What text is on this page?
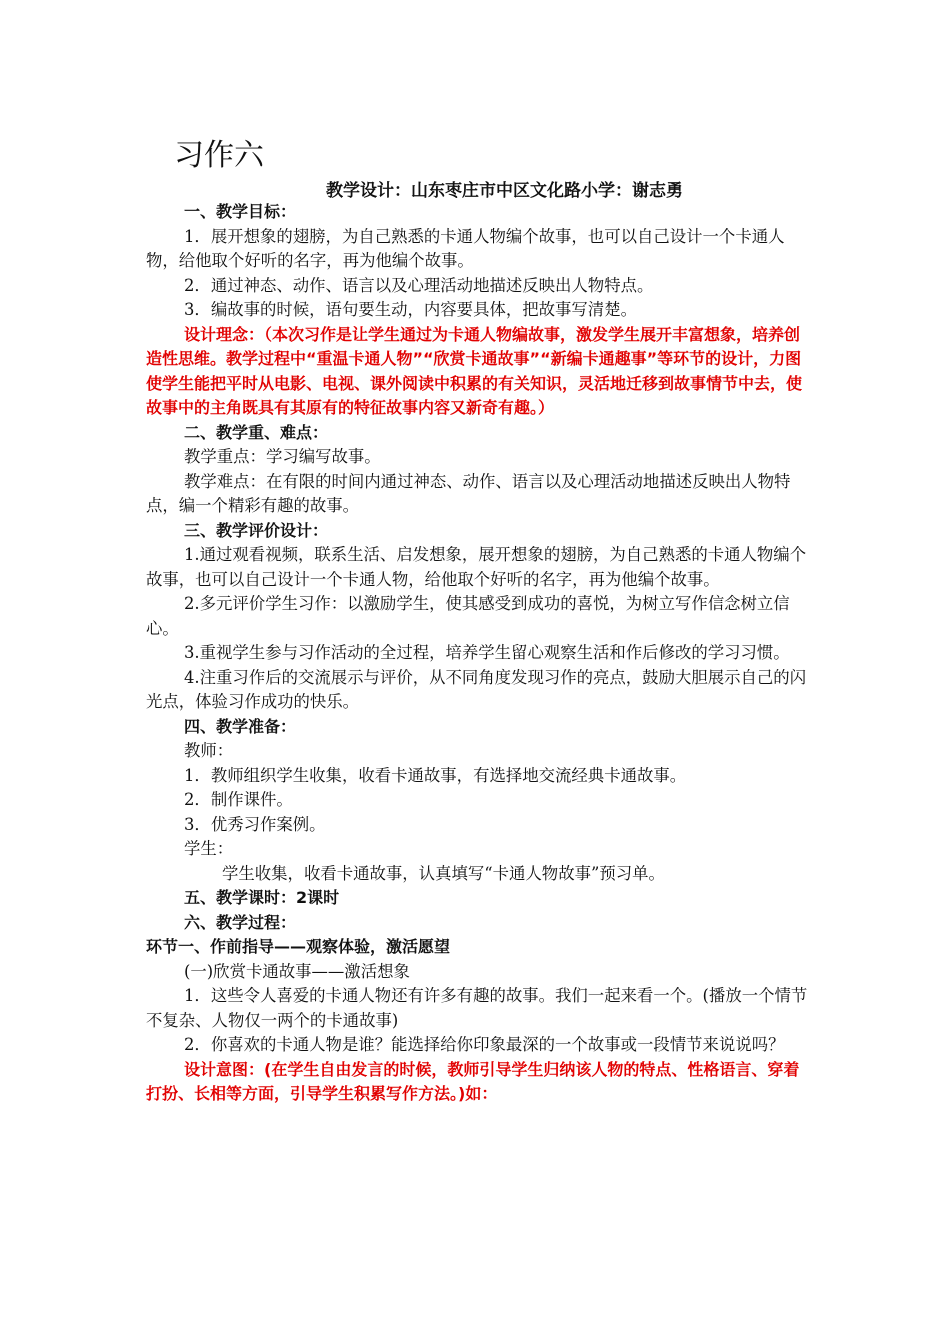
习作六
教学设计：山东枣庄市中区文化路小学：谢志勇

一、教学目标：

1．展开想象的翅膀，为自己熟悉的卡通人物编个故事，也可以自己设计一个卡通人物，给他取个好听的名字，再为他编个故事。

2．通过神态、动作、语言以及心理活动地描述反映出人物特点。

3．编故事的时候，语句要生动，内容要具体，把故事写清楚。

设计理念：（本次习作是让学生通过为卡通人物编故事，激发学生展开丰富想象，培养创造性思维。教学过程中“重温卡通人物”“欣赏卡通故事”“新编卡通趣事”等环节的设计，力图使学生能把平时从电影、电视、课外阅读中积累的有关知识，灵活地迁移到故事情节中去，使故事中的主角既具有其原有的特征故事内容又新奇有趣。）

二、教学重、难点：

教学重点：学习编写故事。

教学难点：在有限的时间内通过神态、动作、语言以及心理活动地描述反映出人物特点，编一个精彩有趣的故事。

三、教学评价设计：

1.通过观看视频，联系生活、启发想象，展开想象的翅膀，为自己熟悉的卡通人物编个故事，也可以自己设计一个卡通人物，给他取个好听的名字，再为他编个故事。

2.多元评价学生习作：以激励学生，使其感受到成功的喜悦，为树立写作信念树立信心。

3.重视学生参与习作活动的全过程，培养学生留心观察生活和作后修改的学习习惯。

4.注重习作后的交流展示与评价，从不同角度发现习作的亮点，鼓励大胆展示自己的闪光点，体验习作成功的快乐。

四、教学准备：

教师：

1．教师组织学生收集，收看卡通故事，有选择地交流经典卡通故事。

2．制作课件。

3．优秀习作案例。

学生：

学生收集，收看卡通故事，认真填写“卡通人物故事”预习单。

五、教学课时：2课时

六、教学过程：

环节一、作前指导——观察体验，激活愿望

(一)欣赏卡通故事——激活想象

1．这些令人喜爱的卡通人物还有许多有趣的故事。我们一起来看一个。(播放一个情节不复杂、人物仅一两个的卡通故事)

2．你喜欢的卡通人物是谁？能选择给你印象最深的一个故事或一段情节来说说吗？

设计意图：(在学生自由发言的时候，教师引导学生归纳该人物的特点、性格语言、穿着打扮、长相等方面，引导学生积累写作方法。)如：
